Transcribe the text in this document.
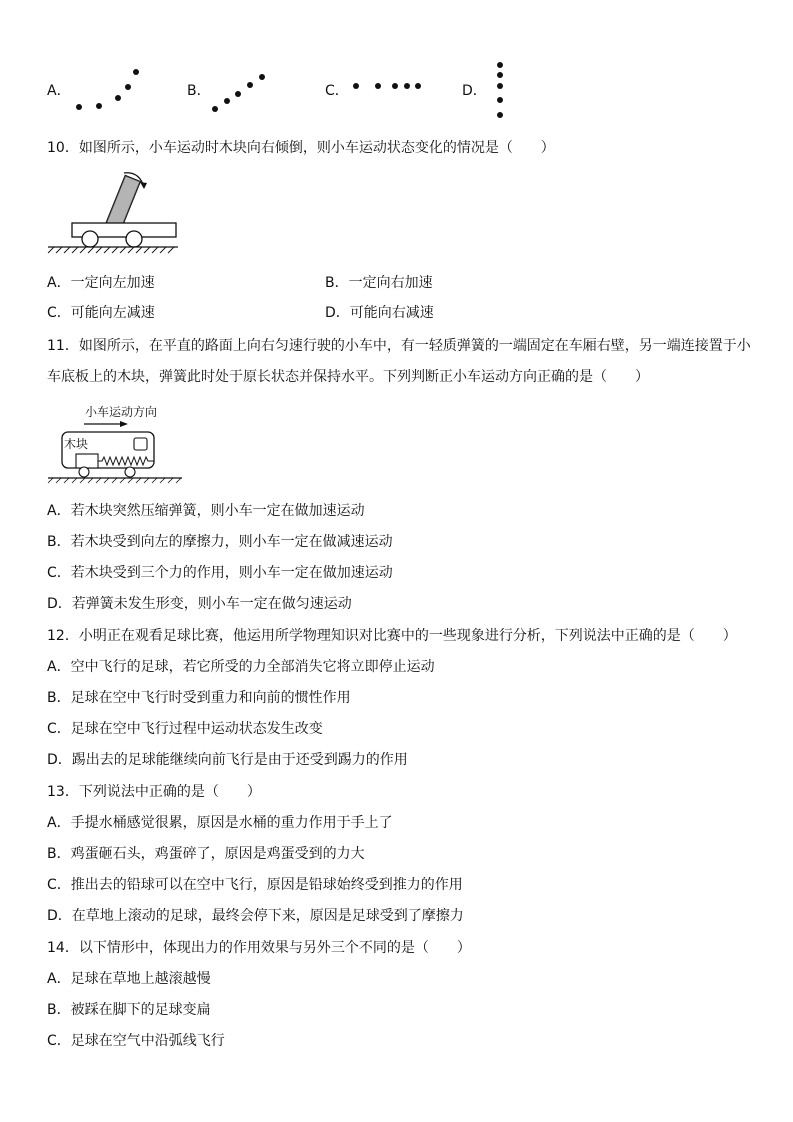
A．	B．	C．	D．
10．如图所示，小车运动时木块向右倾倒，则小车运动状态变化的情况是（　　）
A．一定向左加速	B．一定向右加速
C．可能向左减速	D．可能向右减速
11．如图所示，在平直的路面上向右匀速行驶的小车中，有一轻质弹簧的一端固定在车厢右壁，另一端连接置于小
车底板上的木块，弹簧此时处于原长状态并保持水平。下列判断正小车运动方向正确的是（　　）
小车运动方向
木块
A．若木块突然压缩弹簧，则小车一定在做加速运动
B．若木块受到向左的摩擦力，则小车一定在做减速运动
C．若木块受到三个力的作用，则小车一定在做加速运动
D．若弹簧未发生形变，则小车一定在做匀速运动
12．小明正在观看足球比赛，他运用所学物理知识对比赛中的一些现象进行分析，下列说法中正确的是（　　）
A．空中飞行的足球，若它所受的力全部消失它将立即停止运动
B．足球在空中飞行时受到重力和向前的惯性作用
C．足球在空中飞行过程中运动状态发生改变
D．踢出去的足球能继续向前飞行是由于还受到踢力的作用
13．下列说法中正确的是（　　）
A．手提水桶感觉很累，原因是水桶的重力作用于手上了
B．鸡蛋砸石头，鸡蛋碎了，原因是鸡蛋受到的力大
C．推出去的铅球可以在空中飞行，原因是铅球始终受到推力的作用
D．在草地上滚动的足球，最终会停下来，原因是足球受到了摩擦力
14．以下情形中，体现出力的作用效果与另外三个不同的是（　　）
A．足球在草地上越滚越慢
B．被踩在脚下的足球变扁
C．足球在空气中沿弧线飞行
